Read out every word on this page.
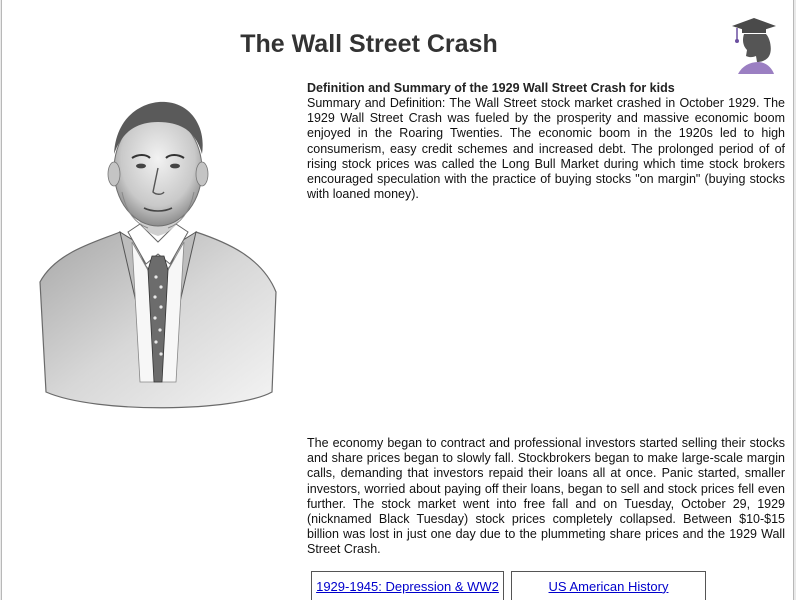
The Wall Street Crash

Definition and Summary of the 1929 Wall Street Crash for kids

Summary and Definition: The Wall Street stock market crashed in October 1929. The 1929 Wall Street Crash was fueled by the prosperity and massive economic boom enjoyed in the Roaring Twenties. The economic boom in the 1920s led to high consumerism, easy credit schemes and increased debt. The prolonged period of of rising stock prices was called the Long Bull Market during which time stock brokers encouraged speculation with the practice of buying stocks "on margin" (buying stocks with loaned money).

The economy began to contract and professional investors started selling their stocks and share prices began to slowly fall. Stockbrokers began to make large-scale margin calls, demanding that investors repaid their loans all at once. Panic started, smaller investors, worried about paying off their loans, began to sell and stock prices fell even further. The stock market went into free fall and on Tuesday, October 29, 1929 (nicknamed Black Tuesday) stock prices completely collapsed. Between $10-$15 billion was lost in just one day due to the plummeting share prices and the 1929 Wall Street Crash.

1929-1945: Depression & WW2	US American History
